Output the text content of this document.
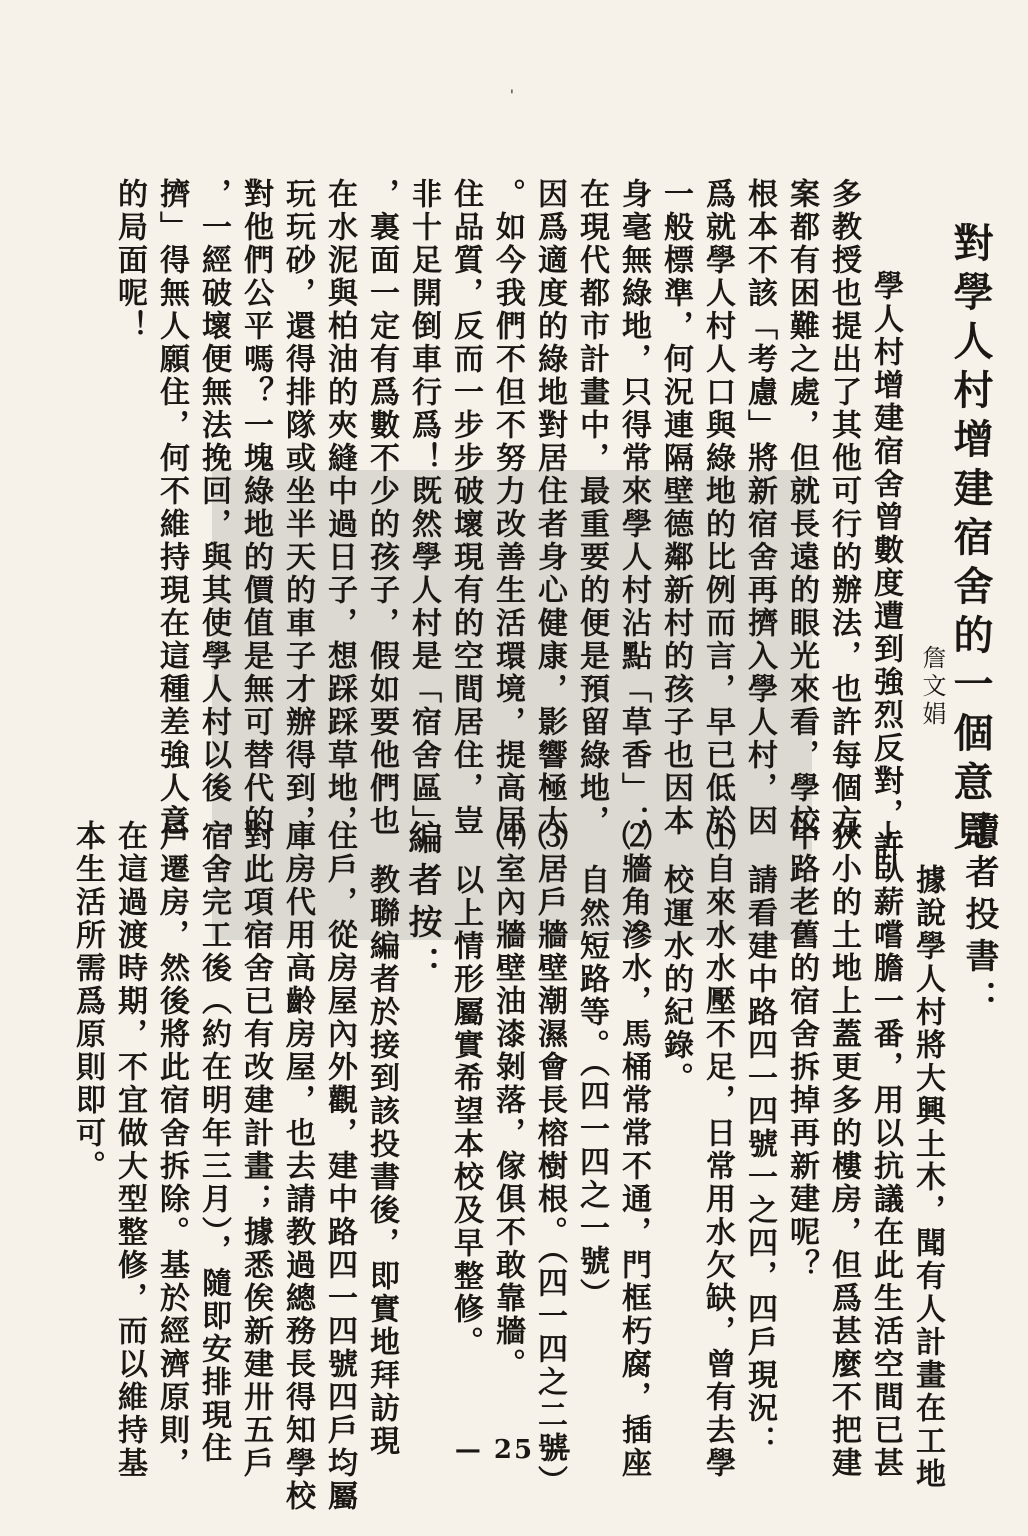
'
對學人村增建宿舍的一個意見
詹文娟
學人村增建宿舍曾數度遭到強烈反對，許
多教授也提出了其他可行的辦法，也許每個方
案都有困難之處，但就長遠的眼光來看，學校
根本不該「考慮」將新宿舍再擠入學人村，因
爲就學人村人口與綠地的比例而言，早已低於
一般標準，何況連隔壁德鄰新村的孩子也因本
身毫無綠地，只得常來學人村沾點「草香」；
在現代都市計畫中，最重要的便是預留綠地，
因爲適度的綠地對居住者身心健康，影響極大
。如今我們不但不努力改善生活環境，提高居
住品質，反而一步步破壞現有的空間居住，豈
非十足開倒車行爲！既然學人村是「宿舍區」
，裏面一定有爲數不少的孩子，假如要他們也
在水泥與柏油的夾縫中過日子，想踩踩草地，
玩玩砂，還得排隊或坐半天的車子才辦得到，
對他們公平嗎？一塊綠地的價值是無可替代的
，一經破壞便無法挽回，與其使學人村以後「
擠」得無人願住，何不維持現在這種差強人意
的局面呢！
讀者投書：
據說學人村將大興土木，聞有人計畫在工地
上臥薪嚐膽一番，用以抗議在此生活空間已甚
狹小的土地上蓋更多的樓房，但爲甚麼不把建
中路老舊的宿舍拆掉再新建呢？
請看建中路四一四號一之四，四戶現況：
⑴自來水水壓不足，日常用水欠缺，曾有去學
校運水的紀錄。
⑵牆角滲水，馬桶常常不通，門框朽腐，插座
自然短路等。（四一四之一號）
⑶居戶牆壁潮濕會長榕樹根。（四一四之二號）
⑷室內牆壁油漆剝落，傢俱不敢靠牆。
以上情形屬實希望本校及早整修。
編者按：
教聯編者於接到該投書後，即實地拜訪現
住戶，從房屋內外觀，建中路四一四號四戶均屬
庫房代用高齡房屋，也去請教過總務長得知學校
對此項宿舍已有改建計畫；據悉俟新建卅五戶
宿舍完工後（約在明年三月），隨即安排現住
戶遷房，然後將此宿舍拆除。基於經濟原則，
在這過渡時期，不宜做大型整修，而以維持基
本生活所需爲原則即可。
— 25 —
